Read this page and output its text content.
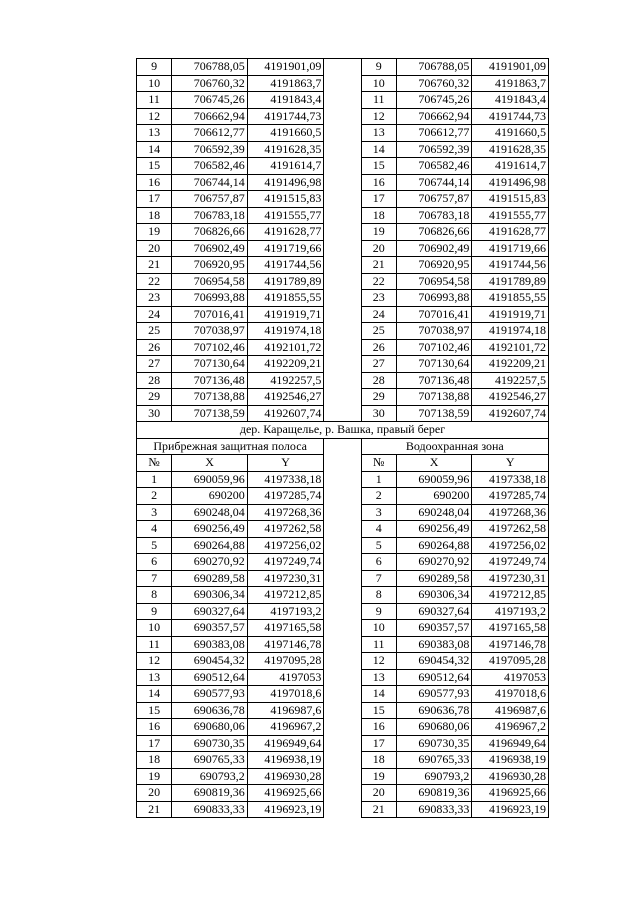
9	706788,05	4191901,09		9	706788,05	4191901,09
10	706760,32	4191863,7		10	706760,32	4191863,7
11	706745,26	4191843,4		11	706745,26	4191843,4
12	706662,94	4191744,73		12	706662,94	4191744,73
13	706612,77	4191660,5		13	706612,77	4191660,5
14	706592,39	4191628,35		14	706592,39	4191628,35
15	706582,46	4191614,7		15	706582,46	4191614,7
16	706744,14	4191496,98		16	706744,14	4191496,98
17	706757,87	4191515,83		17	706757,87	4191515,83
18	706783,18	4191555,77		18	706783,18	4191555,77
19	706826,66	4191628,77		19	706826,66	4191628,77
20	706902,49	4191719,66		20	706902,49	4191719,66
21	706920,95	4191744,56		21	706920,95	4191744,56
22	706954,58	4191789,89		22	706954,58	4191789,89
23	706993,88	4191855,55		23	706993,88	4191855,55
24	707016,41	4191919,71		24	707016,41	4191919,71
25	707038,97	4191974,18		25	707038,97	4191974,18
26	707102,46	4192101,72		26	707102,46	4192101,72
27	707130,64	4192209,21		27	707130,64	4192209,21
28	707136,48	4192257,5		28	707136,48	4192257,5
29	707138,88	4192546,27		29	707138,88	4192546,27
30	707138,59	4192607,74		30	707138,59	4192607,74
дер. Каращелье, р. Вашка, правый берег						
Прибрежная защитная полоса				Водоохранная зона		
№	X	Y		№	X	Y
1	690059,96	4197338,18		1	690059,96	4197338,18
2	690200	4197285,74		2	690200	4197285,74
3	690248,04	4197268,36		3	690248,04	4197268,36
4	690256,49	4197262,58		4	690256,49	4197262,58
5	690264,88	4197256,02		5	690264,88	4197256,02
6	690270,92	4197249,74		6	690270,92	4197249,74
7	690289,58	4197230,31		7	690289,58	4197230,31
8	690306,34	4197212,85		8	690306,34	4197212,85
9	690327,64	4197193,2		9	690327,64	4197193,2
10	690357,57	4197165,58		10	690357,57	4197165,58
11	690383,08	4197146,78		11	690383,08	4197146,78
12	690454,32	4197095,28		12	690454,32	4197095,28
13	690512,64	4197053		13	690512,64	4197053
14	690577,93	4197018,6		14	690577,93	4197018,6
15	690636,78	4196987,6		15	690636,78	4196987,6
16	690680,06	4196967,2		16	690680,06	4196967,2
17	690730,35	4196949,64		17	690730,35	4196949,64
18	690765,33	4196938,19		18	690765,33	4196938,19
19	690793,2	4196930,28		19	690793,2	4196930,28
20	690819,36	4196925,66		20	690819,36	4196925,66
21	690833,33	4196923,19		21	690833,33	4196923,19
